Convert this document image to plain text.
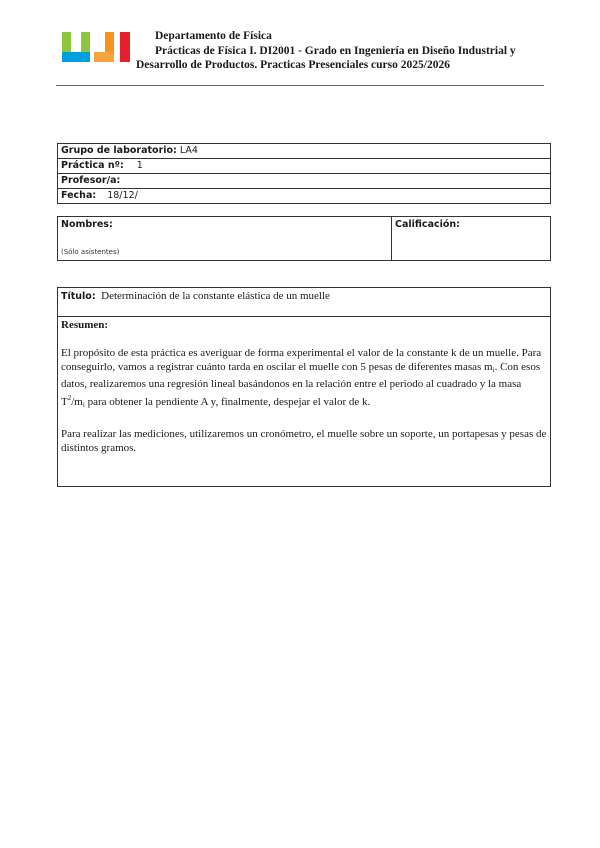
Departamento de Física
Prácticas de Física I. DI2001 - Grado en Ingeniería en Diseño Industrial y
Desarrollo de Productos. Practicas Presenciales curso 2025/2026
Grupo de laboratorio: LA4
Práctica nº: 1
Profesor/a:
Fecha: 18/12/
Nombres:
(Sólo asistentes)
Calificación:
Título: Determinación de la constante elástica de un muelle
Resumen:

El propósito de esta práctica es averiguar de forma experimental el valor de la constante k de un muelle. Para conseguirlo, vamos a registrar cuánto tarda en oscilar el muelle con 5 pesas de diferentes masas $m_i$. Con esos datos, realizaremos una regresión lineal basándonos en la relación entre el periodo al cuadrado y la masa $T^2/m_i$ para obtener la pendiente A y, finalmente, despejar el valor de k.

Para realizar las mediciones, utilizaremos un cronómetro, el muelle sobre un soporte, un portapesas y pesas de distintos gramos.
